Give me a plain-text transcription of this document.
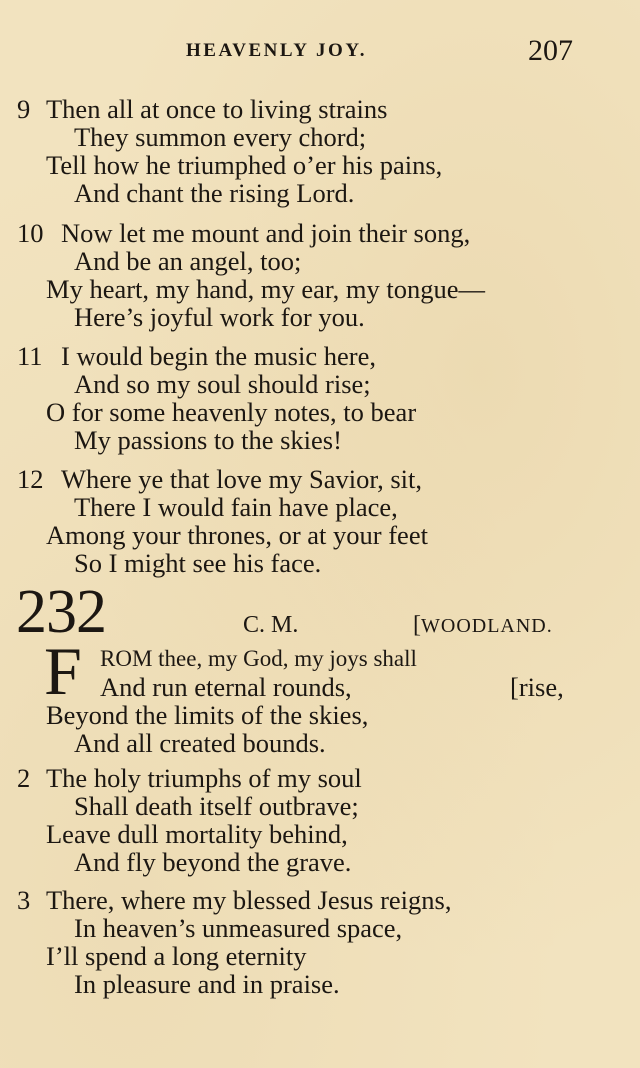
HEAVENLY JOY.	207
9 Then all at once to living strains
They summon every chord;
Tell how he triumphed o’er his pains,
And chant the rising Lord.
10 Now let me mount and join their song,
And be an angel, too;
My heart, my hand, my ear, my tongue—
Here’s joyful work for you.
11 I would begin the music here,
And so my soul should rise;
O for some heavenly notes, to bear
My passions to the skies!
12 Where ye that love my Savior, sit,
There I would fain have place,
Among your thrones, or at your feet
So I might see his face.
232	C. M.	[WOODLAND.
F ROM thee, my God, my joys shall
And run eternal rounds,	[rise,
Beyond the limits of the skies,
And all created bounds.
2 The holy triumphs of my soul
Shall death itself outbrave;
Leave dull mortality behind,
And fly beyond the grave.
3 There, where my blessed Jesus reigns,
In heaven’s unmeasured space,
I’ll spend a long eternity
In pleasure and in praise.
